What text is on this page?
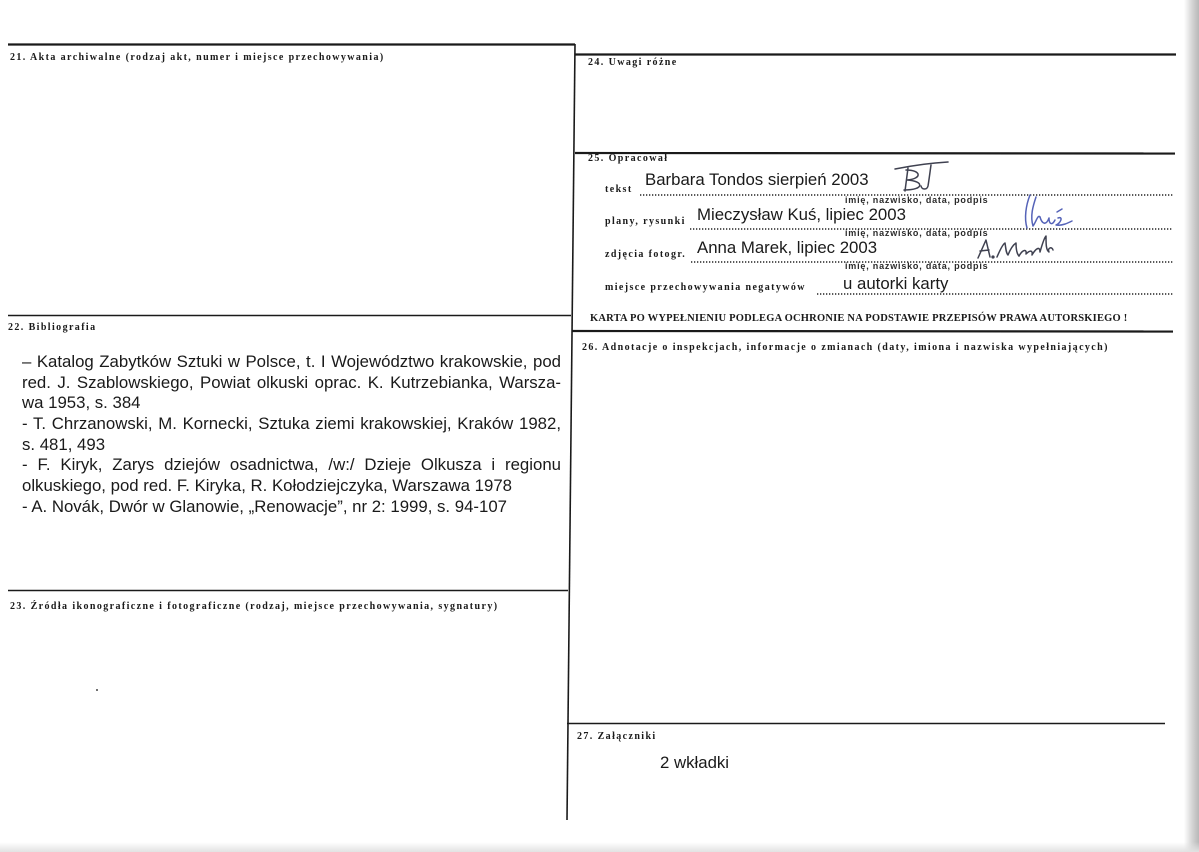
21. Akta archiwalne (rodzaj akt, numer i miejsce przechowywania)
22. Bibliografia
– Katalog Zabytków Sztuki w Polsce, t. I Województwo krakowskie, pod
red. J. Szablowskiego, Powiat olkuski oprac. K. Kutrzebianka, Warsza-
wa 1953, s. 384
- T. Chrzanowski, M. Kornecki, Sztuka ziemi krakowskiej, Kraków 1982,
s. 481, 493
- F. Kiryk, Zarys dziejów osadnictwa, /w:/ Dzieje Olkusza i regionu
olkuskiego, pod red. F. Kiryka, R. Kołodziejczyka, Warszawa 1978
- A. Novák, Dwór w Glanowie, „Renowacje”, nr 2: 1999, s. 94-107
23. Źródła ikonograficzne i fotograficzne (rodzaj, miejsce przechowywania, sygnatury)
24. Uwagi różne
25. Opracował
tekst
Barbara Tondos sierpień 2003
imię, nazwisko, data, podpis
plany, rysunki Mieczysław Kuś, lipiec 2003
imię, nazwisko, data, podpis
zdjęcia fotogr. Anna Marek, lipiec 2003
imię, nazwisko, data, podpis
miejsce przechowywania negatywów u autorki karty
KARTA PO WYPEŁNIENIU PODLEGA OCHRONIE NA PODSTAWIE PRZEPISÓW PRAWA AUTORSKIEGO !
26. Adnotacje o inspekcjach, informacje o zmianach (daty, imiona i nazwiska wypełniających)
27. Załączniki
2 wkładki
